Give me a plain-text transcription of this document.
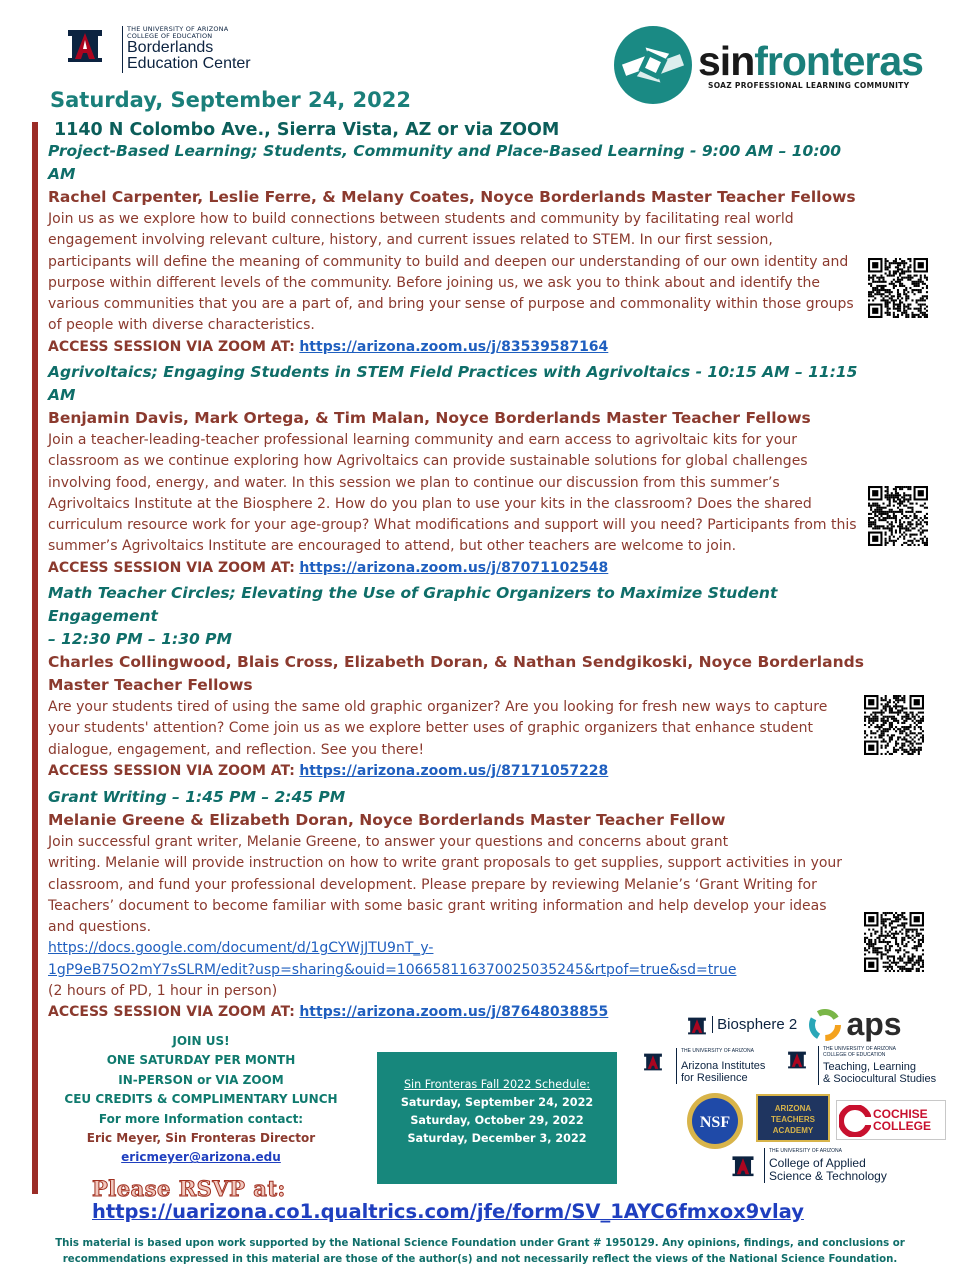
THE UNIVERSITY OF ARIZONA
COLLEGE OF EDUCATION
Borderlands
Education Center	sinfronteras
SOAZ PROFESSIONAL LEARNING COMMUNITY
Saturday, September 24, 2022
1140 N Colombo Ave., Sierra Vista, AZ or via ZOOM
Project-Based Learning; Students, Community and Place-Based Learning - 9:00 AM – 10:00 AM
Rachel Carpenter, Leslie Ferre, & Melany Coates, Noyce Borderlands Master Teacher Fellows
Join us as we explore how to build connections between students and community by facilitating real world engagement involving relevant culture, history, and current issues related to STEM. In our first session, participants will define the meaning of community to build and deepen our understanding of our own identity and purpose within different levels of the community. Before joining us, we ask you to think about and identify the various communities that you are a part of, and bring your sense of purpose and commonality within those groups of people with diverse characteristics.
ACCESS SESSION VIA ZOOM AT: https://arizona.zoom.us/j/83539587164
Agrivoltaics; Engaging Students in STEM Field Practices with Agrivoltaics - 10:15 AM – 11:15 AM
Benjamin Davis, Mark Ortega, & Tim Malan, Noyce Borderlands Master Teacher Fellows
Join a teacher-leading-teacher professional learning community and earn access to agrivoltaic kits for your classroom as we continue exploring how Agrivoltaics can provide sustainable solutions for global challenges involving food, energy, and water. In this session we plan to continue our discussion from this summer’s Agrivoltaics Institute at the Biosphere 2. How do you plan to use your kits in the classroom? Does the shared curriculum resource work for your age-group? What modifications and support will you need? Participants from this summer’s Agrivoltaics Institute are encouraged to attend, but other teachers are welcome to join.
ACCESS SESSION VIA ZOOM AT: https://arizona.zoom.us/j/87071102548
Math Teacher Circles; Elevating the Use of Graphic Organizers to Maximize Student Engagement
– 12:30 PM – 1:30 PM
Charles Collingwood, Blais Cross, Elizabeth Doran, & Nathan Sendgikoski, Noyce Borderlands Master Teacher Fellows
Are your students tired of using the same old graphic organizer? Are you looking for fresh new ways to capture your students' attention? Come join us as we explore better uses of graphic organizers that enhance student dialogue, engagement, and reflection. See you there!
ACCESS SESSION VIA ZOOM AT: https://arizona.zoom.us/j/87171057228
Grant Writing – 1:45 PM – 2:45 PM
Melanie Greene & Elizabeth Doran, Noyce Borderlands Master Teacher Fellow
Join successful grant writer, Melanie Greene, to answer your questions and concerns about grant
writing. Melanie will provide instruction on how to write grant proposals to get supplies, support activities in your classroom, and fund your professional development. Please prepare by reviewing Melanie’s ‘Grant Writing for Teachers’ document to become familiar with some basic grant writing information and help develop your ideas and questions.
https://docs.google.com/document/d/1gCYWjJTU9nT_y-
1gP9eB75O2mY7sSLRM/edit?usp=sharing&ouid=106658116370025035245&rtpof=true&sd=true
(2 hours of PD, 1 hour in person)
ACCESS SESSION VIA ZOOM AT: https://arizona.zoom.us/j/87648038855
JOIN US!
ONE SATURDAY PER MONTH
IN-PERSON or VIA ZOOM
CEU CREDITS & COMPLIMENTARY LUNCH
For more Information contact:
Eric Meyer, Sin Fronteras Director
ericmeyer@arizona.edu
Sin Fronteras Fall 2022 Schedule:
Saturday, September 24, 2022
Saturday, October 29, 2022
Saturday, December 3, 2022
Biosphere 2	aps
THE UNIVERSITY OF ARIZONA
Arizona Institutes
for Resilience
THE UNIVERSITY OF ARIZONA
COLLEGE OF EDUCATION
Teaching, Learning
& Sociocultural Studies
NSF
ARIZONA
TEACHERS
ACADEMY
COCHISE
COLLEGE
THE UNIVERSITY OF ARIZONA
College of Applied
Science & Technology
Please RSVP at:
https://uarizona.co1.qualtrics.com/jfe/form/SV_1AYC6fmxox9vlay
This material is based upon work supported by the National Science Foundation under Grant # 1950129. Any opinions, findings, and conclusions or
recommendations expressed in this material are those of the author(s) and not necessarily reflect the views of the National Science Foundation.
